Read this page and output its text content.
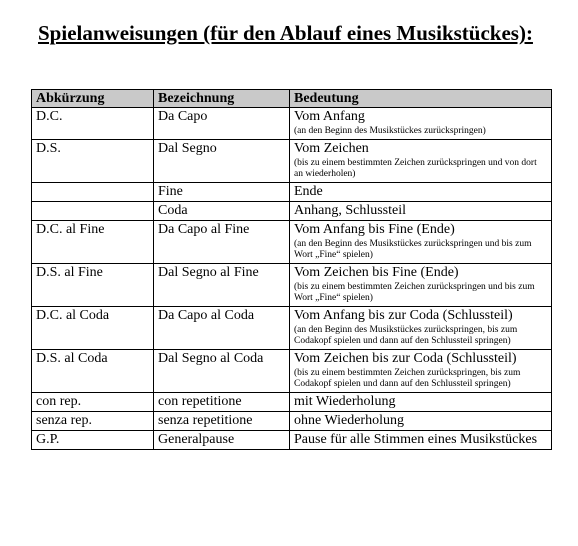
Spielanweisungen (für den Ablauf eines Musikstückes):
Abkürzung	Bezeichnung	Bedeutung
D.C.	Da Capo	Vom Anfang
(an den Beginn des Musikstückes zurückspringen)

D.S.	Dal Segno	Vom Zeichen
(bis zu einem bestimmten Zeichen zurückspringen und von dort an wiederholen)

	Fine	Ende

	Coda	Anhang, Schlussteil

D.C. al Fine	Da Capo al Fine	Vom Anfang bis Fine (Ende)
(an den Beginn des Musikstückes zurückspringen und bis zum Wort „Fine“ spielen)

D.S. al Fine	Dal Segno al Fine	Vom Zeichen bis Fine (Ende)
(bis zu einem bestimmten Zeichen zurückspringen und bis zum Wort „Fine“ spielen)

D.C. al Coda	Da Capo al Coda	Vom Anfang bis zur Coda (Schlussteil)
(an den Beginn des Musikstückes zurückspringen, bis zum Codakopf spielen und dann auf den Schlussteil springen)

D.S. al Coda	Dal Segno al Coda	Vom Zeichen bis zur Coda (Schlussteil)
(bis zu einem bestimmten Zeichen zurückspringen, bis zum Codakopf spielen und dann auf den Schlussteil springen)

con rep.	con repetitione	mit Wiederholung

senza rep.	senza repetitione	ohne Wiederholung

G.P.	Generalpause	Pause für alle Stimmen eines Musikstückes
